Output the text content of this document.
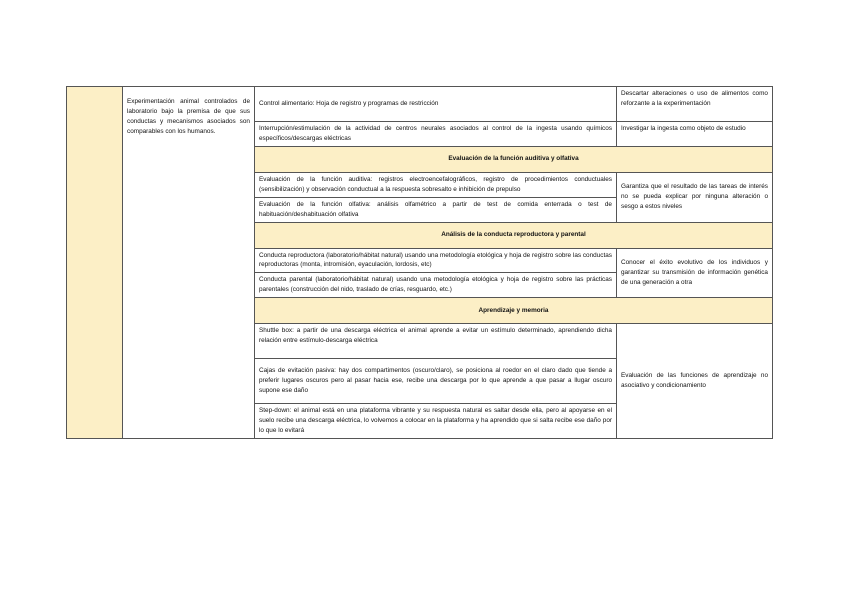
	Experimentación animal controlados de laboratorio bajo la premisa de que sus conductas y mecanismos asociados son comparables con los humanos.	Control alimentario: Hoja de registro y programas de restricción	Descartar alteraciones o uso de alimentos como reforzante a la experimentación
		Interrupción/estimulación de la actividad de centros neurales asociados al control de la ingesta usando químicos específicos/descargas eléctricas	Investigar la ingesta como objeto de estudio
		Evaluación de la función auditiva y olfativa	
		Evaluación de la función auditiva: registros electroencefalográficos, registro de procedimientos conductuales (sensibilización) y observación conductual a la respuesta sobresalto e inhibición de prepulso	Garantiza que el resultado de las tareas de interés no se pueda explicar por ninguna alteración o sesgo a estos niveles
		Evaluación de la función olfativa: análisis olfamétrico a partir de test de comida enterrada o test de habituación/deshabituación olfativa	
		Análisis de la conducta reproductora y parental	
		Conducta reproductora (laboratorio/hábitat natural) usando una metodología etológica y hoja de registro sobre las conductas reproductoras (monta, intromisión, eyaculación, lordosis, etc)	Conocer el éxito evolutivo de los individuos y garantizar su transmisión de información genética de una generación a otra
		Conducta parental (laboratorio/hábitat natural) usando una metodología etológica y hoja de registro sobre las prácticas parentales (construcción del nido, traslado de crías, resguardo, etc.)	
		Aprendizaje y memoria	
		Shuttle box: a partir de una descarga eléctrica el animal aprende a evitar un estímulo determinado, aprendiendo dicha relación entre estímulo-descarga eléctrica	Evaluación de las funciones de aprendizaje no asociativo y condicionamiento
		Cajas de evitación pasiva: hay dos compartimentos (oscuro/claro), se posiciona al roedor en el claro dado que tiende a preferir lugares oscuros pero al pasar hacia ese, recibe una descarga por lo que aprende a que pasar a llugar oscuro supone ese daño	
		Step-down: el animal está en una plataforma vibrante y su respuesta natural es saltar desde ella, pero al apoyarse en el suelo recibe una descarga eléctrica, lo volvemos a colocar en la plataforma y ha aprendido que si salta recibe ese daño por lo que lo evitará	
